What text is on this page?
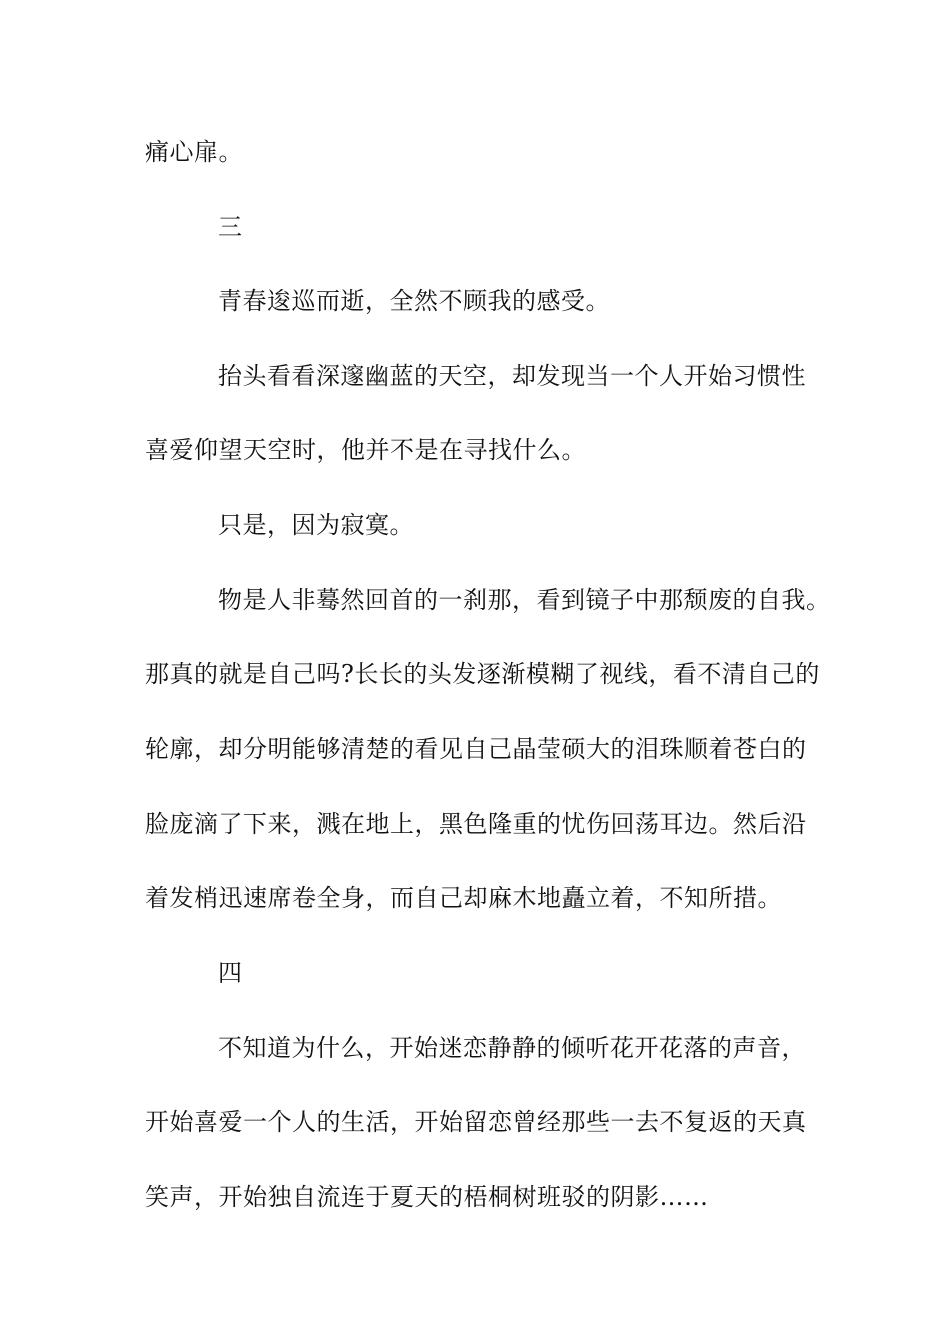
痛心扉。
三
青春逡巡而逝，全然不顾我的感受。
抬头看看深邃幽蓝的天空，却发现当一个人开始习惯性
喜爱仰望天空时，他并不是在寻找什么。
只是，因为寂寞。
物是人非蓦然回首的一刹那，看到镜子中那颓废的自我。
那真的就是自己吗?长长的头发逐渐模糊了视线，看不清自己的
轮廓，却分明能够清楚的看见自己晶莹硕大的泪珠顺着苍白的
脸庞滴了下来，溅在地上，黑色隆重的忧伤回荡耳边。然后沿
着发梢迅速席卷全身，而自己却麻木地矗立着，不知所措。
四
不知道为什么，开始迷恋静静的倾听花开花落的声音，
开始喜爱一个人的生活，开始留恋曾经那些一去不复返的天真
笑声，开始独自流连于夏天的梧桐树班驳的阴影……
